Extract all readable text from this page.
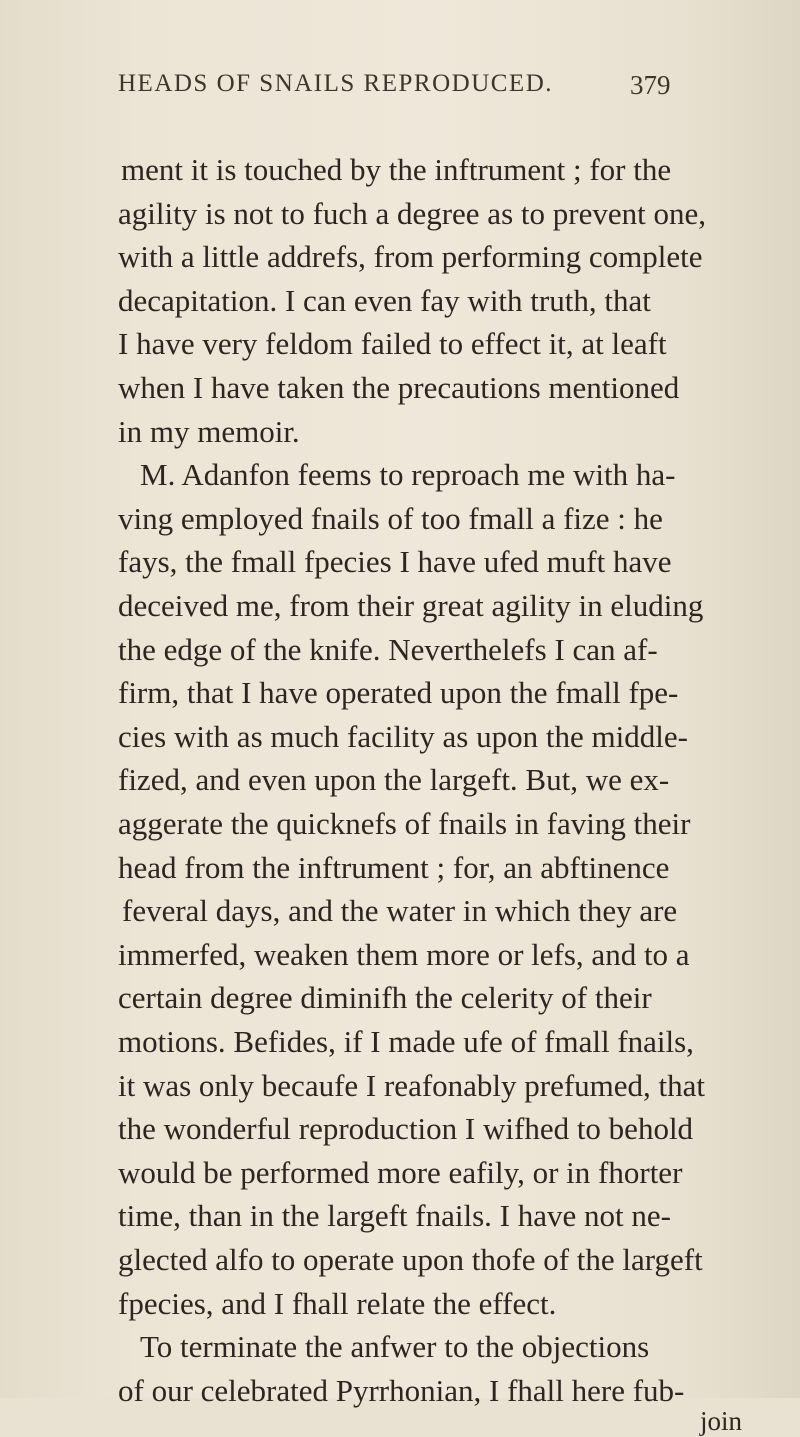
HEADS OF SNAILS REPRODUCED.	379
ment it is touched by the inftrument ; for the
agility is not to fuch a degree as to prevent one,
with a little addrefs, from performing complete
decapitation. I can even fay with truth, that
I have very feldom failed to effect it, at leaft
when I have taken the precautions mentioned
in my memoir.
M. Adanfon feems to reproach me with ha-
ving employed fnails of too fmall a fize : he
fays, the fmall fpecies I have ufed muft have
deceived me, from their great agility in eluding
the edge of the knife. Neverthelefs I can af-
firm, that I have operated upon the fmall fpe-
cies with as much facility as upon the middle-
fized, and even upon the largeft. But, we ex-
aggerate the quicknefs of fnails in faving their
head from the inftrument ; for, an abftinence
feveral days, and the water in which they are
immerfed, weaken them more or lefs, and to a
certain degree diminifh the celerity of their
motions. Befides, if I made ufe of fmall fnails,
it was only becaufe I reafonably prefumed, that
the wonderful reproduction I wifhed to behold
would be performed more eafily, or in fhorter
time, than in the largeft fnails. I have not ne-
glected alfo to operate upon thofe of the largeft
fpecies, and I fhall relate the effect.
To terminate the anfwer to the objections
of our celebrated Pyrrhonian, I fhall here fub-
join
